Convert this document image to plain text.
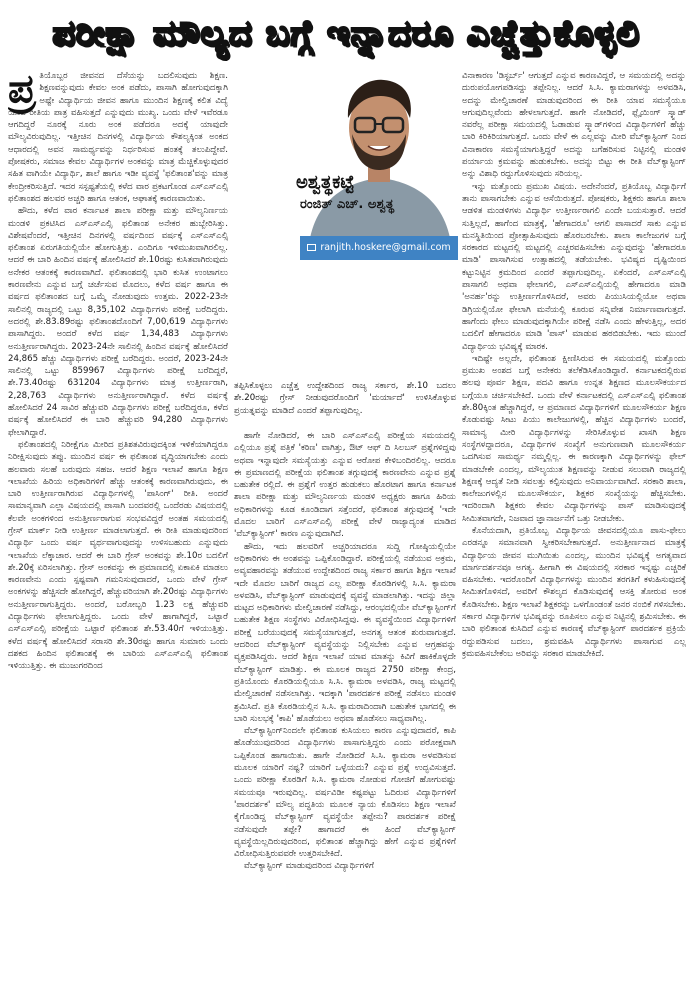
ಪರೀಕ್ಷಾ ಮೌಲ್ಯದ ಬಗ್ಗೆ ಇನ್ನಾದರೂ ಎಚ್ಚೆತ್ತುಕೊಳ್ಳಲಿ
ಪ್ರ ತಿಯೊಬ್ಬರ ಜೀವನದ ದೆಸೆಯನ್ನು ಬದಲಿಸುವುದು ಶಿಕ್ಷಣ. ಶಿಕ್ಷಣವನ್ನುವುದು ಕೇವಲ ಅಂಕ ಪಡೆದು, ಪಾಸಾಗಿ ಹೋಗುವುದಕ್ಕಾಗಿ ಅಷ್ಟೇ ವಿದ್ಯಾರ್ಥಿಯ ಜೀವನ ಹಾಗೂ ಮುಂದಿನ ಶಿಕ್ಷಣಕ್ಕೆ ಕಲಿತ ವಿದ್ಯೆ ಯಾವ ರೀತಿಯ ಪಾತ್ರ ವಹಿಸುತ್ತದೆ ಎನ್ನುವುದು ಮುಖ್ಯ. ಒಂದು ವೇಳೆ ಇವೆರಡೂ ಆಗದಿದ್ದರೆ ನೂರಕ್ಕೆ ನೂರು ಅಂಕ ಪಡೆದರೂ ಅದಕ್ಕೆ ಯಾವುದೇ ಮೌಲ್ಯವಿರುವುದಿಲ್ಲ. ಇತ್ತೀಚಿನ ದಿನಗಳಲ್ಲಿ ವಿದ್ಯಾರ್ಥಿಯ ಕೌಶಲ್ಯಕ್ಕಿಂತ ಅಂಕದ ಆಧಾರದಲ್ಲಿ ಅವನ ಸಾಮರ್ಥ್ಯವನ್ನು ನಿರ್ಧರಿಸುವ ಹಂತಕ್ಕೆ ತಲುಪಿದ್ದೇವೆ. ಪೋಷಕರು, ಸಮಾಜ ಕೇವಲ ವಿದ್ಯಾರ್ಥಿಗಳ ಅಂಕವನ್ನು ಮಾತ್ರ ಮೆಚ್ಚಿಕೊಳ್ಳುವುದರ ಸಹಿತ ವಾಗಿಯೇ ವಿದ್ಯಾರ್ಥಿ, ಶಾಲೆ ಹಾಗೂ ಇಡೀ ವ್ಯವಸ್ಥೆ 'ಫಲಿತಾಂಶ'ವನ್ನು ಮಾತ್ರ ಕೇಂದ್ರೀಕರಿಸುತ್ತಿದೆ. ಇದರ ಸಸ್ಪಷ್ಟತೆಯಲ್ಲಿ ಕಳೆದ ವಾರ ಪ್ರಕಟಗೊಂಡ ಎಸ್ಎಸ್ಎಲ್ಸಿ ಫಲಿತಾಂಶದ ಹಲವರ ಅಚ್ಚರಿ ಹಾಗೂ ಆತಂಕ, ಆಘಾತಕ್ಕೆ ಕಾರಣವಾಯಿತು.

ಹೌದು, ಕಳೆದ ವಾರ ಕರ್ನಾಟಕ ಶಾಲಾ ಪರೀಕ್ಷಾ ಮತ್ತು ಮೌಲ್ಯನಿರ್ಣಯ ಮಂಡಳಿ ಪ್ರಕಟಿಸಿದ ಎಸ್ಎಸ್ಎಲ್ಸಿ ಫಲಿತಾಂಶ ಅನೇಕರ ಹುಬ್ಬೇರಿಸಿತ್ತು. ವಿಶೇಷವೆಂದರೆ, ಇತ್ತೀಚಿನ ದಿನಗಳಲ್ಲಿ ವರ್ಷದಿಂದ ವರ್ಷಕ್ಕೆ ಎಸ್ಎಸ್ಎಲ್ಸಿ ಫಲಿತಾಂಶ ಏರುಗತಿಯಲ್ಲಿಯೇ ಹೋಗುತ್ತಿತ್ತು. ಎಂದಿಗೂ ಇಳಿಮುಖವಾಗಿರಲಿಲ್ಲ. ಆದರೆ ಈ ಬಾರಿ ಹಿಂದಿನ ವರ್ಷಕ್ಕೆ ಹೋಲಿಸಿದರೆ ಶೇ.10ರಷ್ಟು ಕುಸಿತವಾಗಿರುವುದು ಅನೇಕರ ಆತಂಕಕ್ಕೆ ಕಾರಣವಾಗಿದೆ. ಫಲಿತಾಂಶದಲ್ಲಿ ಭಾರಿ ಕುಸಿತ ಉಂಟಾಗಲು ಕಾರಣವೇನು ಎನ್ನುವ ಬಗ್ಗೆ ಚರ್ಚೆಸುವ ಮೊದಲು, ಕಳೆದ ವರ್ಷ ಹಾಗೂ ಈ ವರ್ಷದ ಫಲಿತಾಂಶದ ಬಗ್ಗೆ ಒಮ್ಮೆ ನೋಡುವುದು ಉತ್ತಮ. 2022-23ನೇ ಸಾಲಿನಲ್ಲಿ ರಾಜ್ಯದಲ್ಲಿ ಒಟ್ಟು 8,35,102 ವಿದ್ಯಾರ್ಥಿಗಳು ಪರೀಕ್ಷೆ ಬರೆದಿದ್ದರು. ಅದರಲ್ಲಿ ಶೇ.83.89ರಷ್ಟು ಫಲಿತಾಂಶದೊಂದಿಗೆ 7,00,619 ವಿದ್ಯಾರ್ಥಿಗಳು ಪಾಸಾಗಿದ್ದರು. ಅಂದರೆ ಕಳೆದ ವರ್ಷ 1,34,483 ವಿದ್ಯಾರ್ಥಿಗಳು ಅನುತ್ತೀರ್ಣರಾಗಿದ್ದರು. 2023-24ನೇ ಸಾಲಿನಲ್ಲಿ ಹಿಂದಿನ ವರ್ಷಕ್ಕೆ ಹೋಲಿಸಿದರೆ 24,865 ಹೆಚ್ಚು ವಿದ್ಯಾರ್ಥಿಗಳು ಪರೀಕ್ಷೆ ಬರೆದಿದ್ದರು. ಅಂದರೆ, 2023-24ನೇ ಸಾಲಿನಲ್ಲಿ ಒಟ್ಟು 859967 ವಿದ್ಯಾರ್ಥಿಗಳು ಪರೀಕ್ಷೆ ಬರೆದಿದ್ದರೆ, ಶೇ.73.40ರಷ್ಟು 631204 ವಿದ್ಯಾರ್ಥಿಗಳು ಮಾತ್ರ ಉತ್ತೀರ್ಣರಾಗಿ, 2,28,763 ವಿದ್ಯಾರ್ಥಿಗಳು ಅನುತ್ತೀರ್ಣರಾಗಿದ್ದಾರೆ. ಕಳೆದ ವರ್ಷಕ್ಕೆ ಹೋಲಿಸಿದರೆ 24 ಸಾವಿರ ಹೆಚ್ಚುವರಿ ವಿದ್ಯಾರ್ಥಿಗಳು ಪರೀಕ್ಷೆ ಬರೆದಿದ್ದರೂ, ಕಳೆದ ವರ್ಷಕ್ಕೆ ಹೋಲಿಸಿದರೆ ಈ ಬಾರಿ ಹೆಚ್ಚುವರಿ 94,280 ವಿದ್ಯಾರ್ಥಿಗಳು ಫೇಲಾಗಿದ್ದಾರೆ.

ಫಲಿತಾಂಶದಲ್ಲಿ ನಿರೀಕ್ಷೆಗೂ ಮೀರಿದ ಪ್ರತಿಶತವಿರುವುದಕ್ಕಿಂತ ಇಳಿಕೆಯಾಗಿದ್ದರೂ ನಿರೀಕ್ಷಿಸುವುದು ತಪ್ಪು. ಮುಂದಿನ ವರ್ಷ ಈ ಫಲಿತಾಂಶ ವೃದ್ಧಿಯಾಗಬೇಕು ಎಂದು ಹಲವಾರು ಸಲಹೆ ಬರುವುದು ಸಹಜ. ಆದರೆ ಶಿಕ್ಷಣ ಇಲಾಖೆ ಹಾಗೂ ಶಿಕ್ಷಣ ಇಲಾಖೆಯ ಹಿರಿಯ ಅಧಿಕಾರಿಗಳಿಗೆ ಹೆಚ್ಚು ಆತಂಕಕ್ಕೆ ಕಾರಣವಾಗಿರುವುದು, ಈ ಬಾರಿ ಉತ್ತೀರ್ಣರಾಗಿರುವ ವಿದ್ಯಾರ್ಥಿಗಳಲ್ಲಿ 'ಪಾಸಿಂಗ್' ರೀತಿ. ಅಂದರೆ ಸಾಮಾನ್ಯವಾಗಿ ಎಲ್ಲಾ ವಿಷಯದಲ್ಲಿ ಪಾಸಾಗಿ ಬಂದವರಲ್ಲಿ ಒಂದೆರಡು ವಿಷಯದಲ್ಲಿ ಕೆಲವೇ ಅಂಕಗಳಿಂದ ಅನುತ್ತೀರ್ಣರಾಗುವ ಸಂಭವವಿದ್ದರೆ ಅಂತಹ ಸಮಯದಲ್ಲಿ ಗ್ರೇಸ್ ಮಾರ್ಕ್ ನೀಡಿ ಉತ್ತೀರ್ಣ ಮಾಡಲಾಗುತ್ತದೆ. ಈ ರೀತಿ ಮಾಡುವುದರಿಂದ ವಿದ್ಯಾರ್ಥಿ ಒಂದು ವರ್ಷ ವ್ಯರ್ಥವಾಗುವುದನ್ನು ಉಳಿಸಬಹುದು ಎನ್ನುವುದು ಇಲಾಖೆಯ ಲೆಕ್ಕಾಚಾರ. ಆದರೆ ಈ ಬಾರಿ ಗ್ರೇಸ್ ಅಂಕವನ್ನು ಶೇ.10ರ ಬದಲಿಗೆ ಶೇ.20ಕ್ಕೆ ಏರಿಸಲಾಗಿತ್ತು. ಗ್ರೇಸ್ ಅಂಕವನ್ನು ಈ ಪ್ರಮಾಣದಲ್ಲಿ ಏಕಾಏಕಿ ಮಾಡಲು ಕಾರಣವೇನು ಎಂದು ಸ್ಪಷ್ಟವಾಗಿ ಗಮನಿಸುವುದಾದರೆ, ಒಂದು ವೇಳೆ ಗ್ರೇಸ್ ಅಂಕಗಳನ್ನು ಹೆಚ್ಚಿಸದೇ ಹೋಗಿದ್ದರೆ, ಹೆಚ್ಚುವರಿಯಾಗಿ ಶೇ.20ರಷ್ಟು ವಿದ್ಯಾರ್ಥಿಗಳು ಅನುತ್ತೀರ್ಣರಾಗುತ್ತಿದ್ದರು. ಅಂದರೆ, ಬರೋಬ್ಬರಿ 1.23 ಲಕ್ಷ ಹೆಚ್ಚುವರಿ ವಿದ್ಯಾರ್ಥಿಗಳು ಫೇಲಾಗುತ್ತಿದ್ದರು. ಒಂದು ವೇಳೆ ಹಾಗಾಗಿದ್ದರೆ, ಒಟ್ಟಾರೆ ಎಸ್ಎಸ್ಎಲ್ಸಿ ಪರೀಕ್ಷೆಯ ಒಟ್ಟಾರೆ ಫಲಿತಾಂಶ ಶೇ.53.40ಗೆ ಇಳಿಯುತ್ತಿತ್ತು. ಕಳೆದ ವರ್ಷಕ್ಕೆ ಹೋಲಿಸಿದರೆ ಸರಾಸರಿ ಶೇ.30ರಷ್ಟು ಹಾಗೂ ಸುಮಾರು ಒಂದು ದಶಕದ ಹಿಂದಿನ ಫಲಿತಾಂಶಕ್ಕೆ ಈ ಬಾರಿಯ ಎಸ್ಎಸ್ಎಲ್ಸಿ ಫಲಿತಾಂಶ ಇಳಿಯುತ್ತಿತ್ತು. ಈ ಮುಜುಗರದಿಂದ

ಅಶ್ವತ್ಥಕಟ್ಟೆ
ರಂಜಿತ್ ಎಚ್. ಅಶ್ವತ್ಥ
ranjith.hoskere@gmail.com
ತಪ್ಪಿಸಿಕೊಳ್ಳಲು ಎಚ್ಚೆತ್ತ ಉದ್ದೇಶದಿಂದ ರಾಜ್ಯ ಸರ್ಕಾರ, ಶೇ.10 ಬದಲು ಶೇ.20ರಷ್ಟು ಗ್ರೇಸ್ ನೀಡುವುದರೊಂದಿಗೆ 'ಮರ್ಯಾದೆ' ಉಳಿಸಿಕೊಳ್ಳುವ ಪ್ರಯತ್ನವನ್ನು ಮಾಡಿದೆ ಎಂದರೆ ತಪ್ಪಾಗುವುದಿಲ್ಲ.

ಹಾಗೇ ನೋಡಿದರೆ, ಈ ಬಾರಿ ಎಸ್ಎಸ್ಎಲ್ಸಿ ಪರೀಕ್ಷೆಯ ಸಮಯದಲ್ಲಿ ಎಲ್ಲಿಯೂ ಪ್ರಶ್ನೆ ಪತ್ರಿಕೆ 'ಕಠಿಣ' ವಾಗಿತ್ತು, ಔಟ್ ಆಫ್ ದಿ ಸಿಲಬಸ್ ಪ್ರಶ್ನೆಗಳಿದ್ದವು ಅಥವಾ ಇನ್ನಾವುದೇ ಸಮಸ್ಯೆಯತ್ತು ಎನ್ನುವ ಆರೋಪ ಕೇಳಿಬಂದಿರಲಿಲ್ಲ. ಆದರೂ ಈ ಪ್ರಮಾಣದಲ್ಲಿ ಪರೀಕ್ಷೆಯ ಫಲಿತಾಂಶ ತಗ್ಗುವುದಕ್ಕೆ ಕಾರಣವೇನು ಎನ್ನುವ ಪ್ರಶ್ನೆ ಬಹುತೇಕ ರಲ್ಲಿದೆ. ಈ ಪ್ರಶ್ನೆಗೆ ಉತ್ತರ ಹುಡುಕಲು ಹೊರಟಾಗ ಹಾಗೂ ಕರ್ನಾಟಕ ಶಾಲಾ ಪರೀಕ್ಷಾ ಮತ್ತು ಮೌಲ್ಯನಿರ್ಣಯ ಮಂಡಳಿ ಅಧ್ಯಕ್ಷರು ಹಾಗೂ ಹಿರಿಯ ಅಧಿಕಾರಿಗಳನ್ನು ಕೂಡ ಕೂಂಡಿದಾಗ ಸತ್ತೆಂದರೆ, ಫಲಿತಾಂಶ ತಗ್ಗುವುದಕ್ಕೆ 'ಇದೇ ಮೊದಲ ಬಾರಿಗೆ ಎಸ್ಎಸ್ಎಲ್ಸಿ ಪರೀಕ್ಷೆ ವೇಳೆ ರಾಜ್ಯಾದ್ಯಂತ ಮಾಡಿದ 'ವೆಬ್‌ಕ್ಯಾಸ್ಟಿಂಗ್' ಕಾರಣ ಎನ್ನುವುದಾಗಿದೆ.

ಹೌದು, ಇದು ಹಲವರಿಗೆ ಅಚ್ಚರಿಯಾದರೂ ಸುದ್ದಿ ಗೋಷ್ಠಿಯಲ್ಲಿಯೇ ಅಧಿಕಾರಿಗಳು ಈ ಅಂಶವನ್ನು ಒಪ್ಪಿಕೊಂಡಿದ್ದಾರೆ. ಪರೀಕ್ಷೆಯಲ್ಲಿ ನಡೆಯುವ ಅಕ್ರಮ, ಅವ್ಯವಹಾರವನ್ನು ತಡೆಯುವ ಉದ್ದೇಶದಿಂದ ರಾಜ್ಯ ಸರ್ಕಾರ ಹಾಗೂ ಶಿಕ್ಷಣ ಇಲಾಖೆ ಇದೇ ಮೊದಲ ಬಾರಿಗೆ ರಾಜ್ಯದ ಎಲ್ಲ ಪರೀಕ್ಷಾ ಕೊಠಡಿಗಳಲ್ಲಿ ಸಿ.ಸಿ. ಕ್ಯಾಮರಾ ಅಳವಡಿಸಿ, ವೆಬ್‌ಕ್ಯಾಸ್ಟಿಂಗ್ ಮಾಡುವುದಕ್ಕೆ ವ್ಯವಸ್ಥೆ ಮಾಡಲಾಗಿತ್ತು. ಇದನ್ನು ಜಿಲ್ಲಾ ಮಟ್ಟದ ಅಧಿಕಾರಿಗಳು ಮೇಲ್ವಿಚಾರಣೆ ನಡೆಸಿದ್ದು, ಆರಂಭದಲ್ಲಿಯೇ ವೆಬ್‌ಕ್ಯಾಸ್ಟಿಂಗ್‌ಗೆ ಬಹುತೇಕ ಶಿಕ್ಷಣ ಸಂಸ್ಥೆಗಳು ವಿರೋಧಿಸಿದ್ದವು. ಈ ವ್ಯವಸ್ಥೆಯಿಂದ ವಿದ್ಯಾರ್ಥಿಗಳಿಗೆ ಪರೀಕ್ಷೆ ಬರೆಯುವುದಕ್ಕೆ ಸಮಸ್ಯೆಯಾಗುತ್ತದೆ, ಅನಗತ್ಯ ಆತಂಕ ಶುರುವಾಗುತ್ತದೆ. ಆದರಿಂದ ವೆಬ್‌ಕ್ಯಾಸ್ಟಿಂಗ್ ವ್ಯವಸ್ಥೆಯನ್ನು ನಿಲ್ಲಿಸಬೇಕು ಎನ್ನುವ ಆಗ್ರಹವನ್ನು ವ್ಯಕ್ತಪಡಿಸಿದ್ದರು. ಆದರೆ ಶಿಕ್ಷಣ ಇಲಾಖೆ ಯಾವ ಮಾತನ್ನು ಕಿವಿಗೆ ಹಾಕಿಕೊಳ್ಳದೇ ವೆಬ್‌ಕ್ಯಾಸ್ಟಿಂಗ್ ಮಾಡಿತ್ತು. ಈ ಮೂಲಕ ರಾಜ್ಯದ 2750 ಪರೀಕ್ಷಾ ಕೇಂದ್ರ, ಪ್ರತಿಯೊಂದು ಕೊಠಡಿಯಲ್ಲಿಯೂ ಸಿ.ಸಿ. ಕ್ಯಾಮರಾ ಅಳವಡಿಸಿ, ರಾಜ್ಯ ಮಟ್ಟದಲ್ಲಿ ಮೇಲ್ವಿಚಾರಣೆ ನಡೆಸಲಾಗಿತ್ತು. ಇದಕ್ಕಾಗಿ 'ಪಾರದರ್ಶಕ ಪರೀಕ್ಷೆ ನಡೆಸಲು ಮಂಡಳಿ ಶ್ರಮಿಸಿದೆ. ಪ್ರತಿ ಕೊಠಡಿಯಲ್ಲಿನ ಸಿ.ಸಿ. ಕ್ಯಾಮರಾದಿಂದಾಗಿ ಬಹುತೇಕ ಭಾಗದಲ್ಲಿ ಈ ಬಾರಿ ಸುಲಭಕ್ಕೆ 'ಕಾಪಿ' ಹೊಡೆಯಲು ಅಥವಾ ಹೊಡೆಸಲು ಸಾಧ್ಯವಾಗಿಲ್ಲ.

ವೆಬ್‌ಕ್ಯಾಸ್ಟಿಂಗ್‌ನಿಂದಲೇ ಫಲಿತಾಂಶ ಕುಸಿಯಲು ಕಾರಣ ಎನ್ನುವುದಾದರೆ, ಕಾಪಿ ಹೊಡೆಯುವುದರಿಂದ ವಿದ್ಯಾರ್ಥಿಗಳು ಪಾಸಾಗುತ್ತಿದ್ದರು ಎಂದು ಪರೋಕ್ಷವಾಗಿ ಒಪ್ಪಿಕೊಂಡ ಹಾಗಾಯಿತು. ಹಾಗೇ ನೋಡಿದರೆ ಸಿ.ಸಿ. ಕ್ಯಾಮರಾ ಅಳವಡಿಸುವ ಮೂಲಕ ಯಾರಿಗೆ ನಷ್ಟ? ಯಾರಿಗೆ ಒಳ್ಳೆಯದು? ಎನ್ನುವ ಪ್ರಶ್ನೆ ಉದ್ಭವಿಸುತ್ತದೆ. ಒಂದು ಪರೀಕ್ಷಾ ಕೊಠಡಿಗೆ ಸಿ.ಸಿ. ಕ್ಯಾಮರಾ ನೋಡುವ ಗೋಜಿಗೆ ಹೋಗುವಷ್ಟು ಸಮಯವೂ ಇರುವುದಿಲ್ಲ. ವರ್ಷವಿಡೀ ಕಷ್ಟಪಟ್ಟು ಓದಿರುವ ವಿದ್ಯಾರ್ಥಿಗಳಿಗೆ 'ಪಾರದರ್ಶಕ' ಮೌಲ್ಯ ಪದ್ಧತಿಯ ಮೂಲಕ ನ್ಯಾಯ ಕೊಡಿಸಲು ಶಿಕ್ಷಣ ಇಲಾಖೆ ಕೈಗೊಂಡಿದ್ದ ವೆಬ್‌ಕ್ಯಾಸ್ಟಿಂಗ್ ವ್ಯವಸ್ಥೆಯೇ ತಪ್ಪೇನು? ಪಾರದರ್ಶಕ ಪರೀಕ್ಷೆ ನಡೆಸುವುದೇ ತಪ್ಪೇ? ಹಾಗಾದರೆ ಈ ಹಿಂದೆ ವೆಬ್‌ಕ್ಯಾಸ್ಟಿಂಗ್ ವ್ಯವಸ್ಥೆಯಿಲ್ಲದಿರುವುದರಿಂದ, ಫಲಿತಾಂಶ ಹೆಚ್ಚಾಗಿದ್ದು ಹೇಗೆ ಎನ್ನುವ ಪ್ರಶ್ನೆಗಳಿಗೆ ವಿರೋಧಿಸುತ್ತಿರುವವರೇ ಉತ್ತರಿಸಬೇಕಿದೆ.

ವೆಬ್‌ಕ್ಯಾಸ್ಟಿಂಗ್ ಮಾಡುವುದರಿಂದ ವಿದ್ಯಾರ್ಥಿಗಳಿಗೆ

ವಿನಾಕಾರಣ 'ಡಿಸ್ಟರ್ಬ್' ಆಗುತ್ತದೆ ಎನ್ನುವ ಕಾರಣವಿದ್ದರೆ, ಆ ಸಮಯದಲ್ಲಿ ಅದನ್ನು ದುರುಪಯೋಗಪಡಿಸದ್ದು ತಪ್ಪೇನಿಲ್ಲ. ಆದರೆ ಸಿ.ಸಿ. ಕ್ಯಾಮರಾಗಳನ್ನು ಅಳವಡಿಸಿ, ಅದನ್ನು ಮೇಲ್ವಿಚಾರಣೆ ಮಾಡುವುದರಿಂದ ಈ ರೀತಿ ಯಾವ ಸಮಸ್ಯೆಯೂ ಆಗುವುದಿಲ್ಲವೆಂದು ಹೇಳಲಾಗುತ್ತದೆ. ಹಾಗೇ ನೋಡಿದರೆ, ಫ್ಲೈಯಿಂಗ್ ಸ್ಕ್ವಾಡ್ ನವರೆಲ್ಲ ಪರೀಕ್ಷಾ ಸಮಯದಲ್ಲಿ ಓಡಾಡುವ ಸ್ಕ್ವಾಡ್‌ಗಳಿಂದ ವಿದ್ಯಾರ್ಥಿಗಳಿಗೆ ಹೆಚ್ಚು ಬಾರಿ ಕಿರಿಕಿರಿಯಾಗುತ್ತದೆ. ಒಂದು ವೇಳೆ ಈ ಎಲ್ಲವನ್ನು ಮೀರಿ ವೆಬ್‌ಕ್ಯಾಸ್ಟಿಂಗ್ ನಿಂದ ವಿನಾಕಾರಣ ಸಮಸ್ಯೆಯಾಗುತ್ತಿದ್ದರೆ ಅದನ್ನು ಬಗೆಹರಿಸುವ ನಿಟ್ಟಿನಲ್ಲಿ ಮಂಡಳಿ ಪರ್ಯಾಯ ಕ್ರಮವನ್ನು ಹುಡುಕಬೇಕು. ಅದನ್ನು ಬಿಟ್ಟು ಈ ರೀತಿ ವೆಬ್‌ಕ್ಯಾಸ್ಟಿಂಗ್ ಅನ್ನು ವಿಶಾಧಿ ರದ್ದುಗೊಳಿಸುವುದು ಸರಿಯಲ್ಲ.

ಇನ್ನು ಮತ್ತೊಂದು ಪ್ರಮುಖ ವಿಷಯ. ಅದೇನೆಂದರೆ, ಪ್ರತಿಯೊಬ್ಬ ವಿದ್ಯಾರ್ಥಿಗೆ ತಾನು ಪಾಸಾಗಬೇಕು ಎನ್ನುವ ಆಸೆಯಿರುತ್ತದೆ. ಪೋಷಕರು, ಶಿಕ್ಷಕರು ಹಾಗೂ ಶಾಲಾ ಆಡಳಿತ ಮಂಡಳಿಗಳು ವಿದ್ಯಾರ್ಥಿ ಉತ್ತೀರ್ಣರಾಗಲಿ ಎಂದೇ ಬಯಸುತ್ತಾರೆ. ಆದರೆ ಸುತ್ತಿಲ್ಲದೆ, ಹಾಗೆಂದ ಮಾತ್ರಕ್ಕೆ, 'ಹೇಗಾದರೂ' ಆಗಲಿ ಪಾಸಾದರೆ ಸಾಕು ಎನ್ನುವ ಮನಸ್ಥಿತಿಯಿಂದ ಪ್ರೋತ್ಸಾಹಿಸುವುದು ಹೊರಬರಬೇಕು. ಶಾಲಾ ಕಾಲೇಜುಗಳ ಬಗ್ಗೆ ಸರಕಾರದ ಮಟ್ಟದಲ್ಲಿ ಮಟ್ಟದಲ್ಲಿ ಎಚ್ಚರವಹಿಸಬೇಕು ಎನ್ನುವುದನ್ನು 'ಹೇಗಾದರೂ ಮಾಡಿ' ಪಾಸಾಗಿಸುವ ಉತ್ಸಾಹದಲ್ಲಿ ತಡೆಯಬೇಕು. ಭವಿಷ್ಯದ ದೃಷ್ಟಿಯಿಂದ ಕಟ್ಟುನಿಟ್ಟಿನ ಕ್ರಮದಿಂದ ಎಂದರೆ ತಪ್ಪಾಗುವುದಿಲ್ಲ. ಏಕೆಂದರೆ, ಎಸ್ಎಸ್ಎಲ್ಸಿ ಪಾಸಾಗಲಿ ಅಥವಾ ಫೇಲಾಗಲಿ, ಎಸ್ಎಸ್ಎಲ್ಸಿಯಲ್ಲಿ ಹೇಗಾದರೂ ಮಾಡಿ 'ಅನರ್ಹ'ರನ್ನು ಉತ್ತೀರ್ಣಗೊಳಿಸಿದರೆ, ಅವರು ಪಿಯುಸಿಯಲ್ಲಿಯೋ ಅಥವಾ ಡಿಗ್ರಿಯಲ್ಲಿಯೋ ಫೇಲಾಗಿ ಮನೆಯಲ್ಲಿ ಕೂರುವ ಸನ್ನಿವೇಶ ನಿರ್ಮಾಣವಾಗುತ್ತದೆ. ಹಾಗೆಂದು ಫೇಲು ಮಾಡುವುದಕ್ಕಾಗಿಯೇ ಪರೀಕ್ಷೆ ನಡೆಸಿ ಎಂದು ಹೇಳುತ್ತಿಲ್ಲ, ಅದರ ಬದಲಿಗೆ ಹೇಗಾದರೂ ಮಾಡಿ 'ಪಾಸ್' ಮಾಡುವ ಹಠಬಿಡಬೇಕು. ಇದು ಮುಂದೆ ವಿದ್ಯಾರ್ಥಿಯ ಭವಿಷ್ಯಕ್ಕೆ ಮಾರಕ.

ಇದಿಷ್ಟೇ ಅಲ್ಲದೇ, ಫಲಿತಾಂಶ ಕ್ಷೀಣಿಸಿರುವ ಈ ಸಮಯದಲ್ಲಿ ಮತ್ತೊಂದು ಪ್ರಮುಖ ಅಂಶದ ಬಗ್ಗೆ ಅನೇಕರು ತಲೆಕೆಡಿಸಿಕೊಂಡಿದ್ದಾರೆ. ಕರ್ನಾಟಕದಲ್ಲಿರುವ ಹಲವು ಪೂರ್ವ ಶಿಕ್ಷಣ, ಪದವಿ ಹಾಗೂ ಉನ್ನತ ಶಿಕ್ಷಣದ ಮೂಲಸೌಕರ್ಯದ ಬಗ್ಗೆಯೂ ಚರ್ಚಿಸಬೇಕಿದೆ. ಒಂದು ವೇಳೆ ಕರ್ನಾಟಕದಲ್ಲಿ ಎಸ್ಎಸ್ಎಲ್ಸಿ ಫಲಿತಾಂಶ ಶೇ.80ಕ್ಕಿಂತ ಹೆಚ್ಚಾಗಿದ್ದರೆ, ಆ ಪ್ರಮಾಣದ ವಿದ್ಯಾರ್ಥಿಗಳಿಗೆ ಮೂಲಸೌಕರ್ಯ ಶಿಕ್ಷಣ ಕೊಡುವಷ್ಟು ಸೀಟು ಪಿಯು ಕಾಲೇಜುಗಳಲ್ಲಿ, ಹೆಚ್ಚಿನ ವಿದ್ಯಾರ್ಥಿಗಳು ಬಂದರೆ, ಸಾಮಾನ್ಯ ಮೀರಿ ವಿದ್ಯಾರ್ಥಿಗಳನ್ನು ಸೇರಿಸಿಕೊಳ್ಳುವ ಖಾಸಗಿ ಶಿಕ್ಷಣ ಸಂಸ್ಥೆಗಳದ್ದಾದರೂ, ವಿದ್ಯಾರ್ಥಿಗಳ ಸಂಖ್ಯೆಗೆ ಅನುಗುಣವಾಗಿ ಮೂಲಸೌಕರ್ಯ ಒದಗಿಸುವ ಸಾಮರ್ಥ್ಯ ನಮ್ಮಲ್ಲಿಲ್ಲ. ಈ ಕಾರಣಕ್ಕಾಗಿ ವಿದ್ಯಾರ್ಥಿಗಳನ್ನು ಫೇಲ್ ಮಾಡಬೇಕೇ ಎಂದಲ್ಲ, ಮೌಲ್ಯಯುತ ಶಿಕ್ಷಣವನ್ನು ನೀಡುವ ಸಲುವಾಗಿ ರಾಜ್ಯದಲ್ಲಿ ಶಿಕ್ಷಣಕ್ಕೆ ಆದ್ಯತೆ ನೀಡಿ ಸವಲತ್ತು ಕಲ್ಪಿಸುವುದು ಅನಿವಾರ್ಯವಾಗಿದೆ. ಸರಕಾರಿ ಶಾಲಾ, ಕಾಲೇಜುಗಳಲ್ಲಿನ ಮೂಲಸೌಕರ್ಯ, ಶಿಕ್ಷಕರ ಸಂಖ್ಯೆಯನ್ನು ಹೆಚ್ಚಿಸಬೇಕು. ಇದರಿಂದಾಗಿ ಶಿಕ್ಷಕರು ಕೇವಲ ವಿದ್ಯಾರ್ಥಿಗಳನ್ನು ಪಾಸ್ ಮಾಡಿಸುವುದಕ್ಕೆ ಸೀಮಿತವಾಗದೇ, ನಿಜವಾದ ಜ್ಞಾನಾರ್ಜನೆಗೆ ಒತ್ತು ನೀಡಬೇಕು.

ಕೊನೆಯದಾಗಿ, ಪ್ರತಿಯೊಬ್ಬ ವಿದ್ಯಾರ್ಥಿಯ ಜೀವನದಲ್ಲಿಯೂ ಪಾಸು-ಫೇಲು ಎರಡನ್ನೂ ಸಮಾನವಾಗಿ ಸ್ವೀಕರಿಸಬೇಕಾಗುತ್ತದೆ. ಅನುತ್ತೀರ್ಣನಾದ ಮಾತ್ರಕ್ಕೆ ವಿದ್ಯಾರ್ಥಿಯ ಜೀವನ ಮುಗಿಯಿತು ಎಂದಲ್ಲ, ಮುಂದಿನ ಭವಿಷ್ಯಕ್ಕೆ ಅಗತ್ಯವಾದ ಮಾರ್ಗದರ್ಶನವೂ ಅಗತ್ಯ. ಹೀಗಾಗಿ ಈ ವಿಷಯದಲ್ಲಿ ಸರಕಾರ ಇನ್ನಷ್ಟು ಎಚ್ಚರಿಕೆ ವಹಿಸಬೇಕು. ಇದರೊಂದಿಗೆ ವಿದ್ಯಾರ್ಥಿಗಳನ್ನು ಮುಂದಿನ ತರಗತಿಗೆ ಕಳುಹಿಸುವುದಕ್ಕೆ ಸೀಮಿತಗೊಳಿಸದೆ, ಅವರಿಗೆ ಕೌಶಲ್ಯದ ಕೊಡಿಸುವುದಕ್ಕೆ ಆಸಕ್ತಿ ತೋರುವ ಅಂಕ ಕೊಡಿಸಬೇಕು. ಶಿಕ್ಷಣ ಇಲಾಖೆ ಶಿಕ್ಷಕರನ್ನು ಒಳಗೊಂಡಂತೆ ಜನರ ನಂಬಿಕೆ ಗಳಿಸಬೇಕು. ಸರ್ಕಾರ ವಿದ್ಯಾರ್ಥಿಗಳ ಭವಿಷ್ಯವನ್ನು ರೂಪಿಸಲು ಎನ್ನುವ ನಿಟ್ಟಿನಲ್ಲಿ ಶ್ರಮಿಸಬೇಕು. ಈ ಬಾರಿ ಫಲಿತಾಂಶ ಕುಸಿದಿದೆ ಎನ್ನುವ ಕಾರಣಕ್ಕೆ ವೆಬ್‌ಕ್ಯಾಸ್ಟಿಂಗ್ ಪಾರದರ್ಶಕ ಪ್ರಕ್ರಿಯೆ ರದ್ದುಪಡಿಸುವ ಬದಲು, ಶ್ರಮವಹಿಸಿ ವಿದ್ಯಾರ್ಥಿಗಳು ಪಾಸಾಗುವ ಎಲ್ಲ ಕ್ರಮವಹಿಸಬೇಕೆಂಬ ಅರಿವನ್ನು ಸರಕಾರ ಮಾಡಬೇಕಿದೆ.
